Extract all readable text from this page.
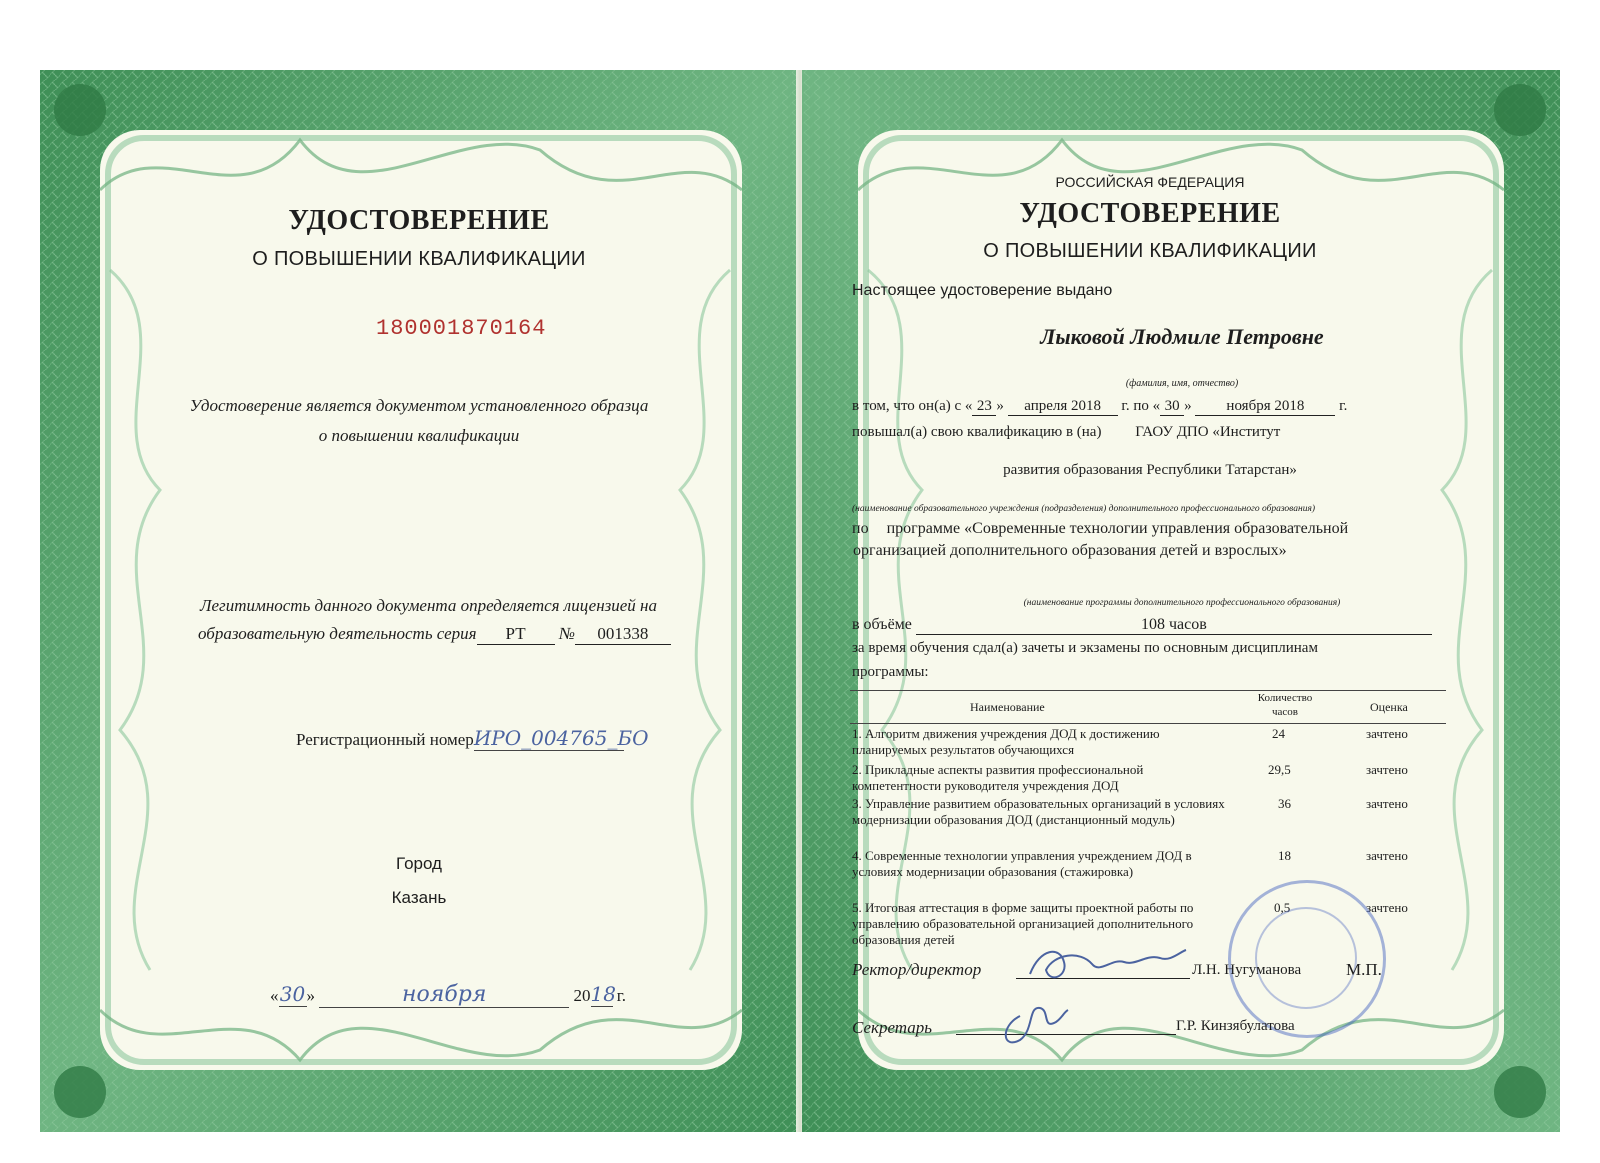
УДОСТОВЕРЕНИЕ
О ПОВЫШЕНИИ КВАЛИФИКАЦИИ
180001870164
Удостоверение является документом установленного образца
о повышении квалификации
Легитимность данного документа определяется лицензией на
образовательную деятельность серия РТ № 001338
Регистрационный номерИРО_004765_БО
Город
Казань
«30»	ноября	2018 г.
РОССИЙСКАЯ ФЕДЕРАЦИЯ
УДОСТОВЕРЕНИЕ
О ПОВЫШЕНИИ КВАЛИФИКАЦИИ
Настоящее удостоверение выдано
Лыковой Людмиле Петровне
(фамилия, имя, отчество)
в том, что он(а) с « 23 » апреля 2018 г. по « 30 » ноября 2018 г.
повышал(а) свою квалификацию в (на) ГАОУ ДПО «Институт
развития образования Республики Татарстан»
(наименование образовательного учреждения (подразделения) дополнительного профессионального образования)
по программе «Современные технологии управления образовательной
организацией дополнительного образования детей и взрослых»
(наименование программы дополнительного профессионального образования)
в объёме	108 часов
за время обучения сдал(а) зачеты и экзамены по основным дисциплинам
программы:
Наименование
Количество часов	Оценка
1. Алгоритм движения учреждения ДОД к достижению планируемых результатов обучающихся
24	зачтено
2. Прикладные аспекты развития профессиональной компетентности руководителя учреждения ДОД
29,5	зачтено
3. Управление развитием образовательных организаций в условиях модернизации образования ДОД (дистанционный модуль)
36	зачтено
4. Современные технологии управления учреждением ДОД в условиях модернизации образования (стажировка)
18	зачтено
5. Итоговая аттестация в форме защиты проектной работы по управлению образовательной организацией дополнительного образования детей
0,5	зачтено
Ректор/директор	Л.Н. Нугуманова	М.П.
Секретарь	Г.Р. Кинзябулатова
